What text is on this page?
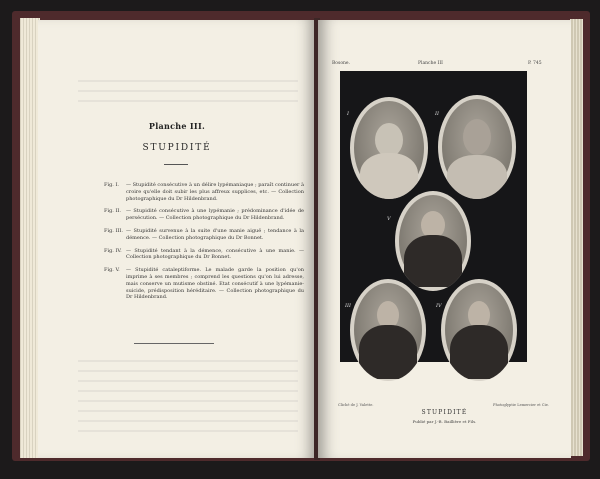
Planche III.
STUPIDITÉ
Fig. I.	— Stupidité consécutive à un délire lypémaniaque ; paraît continuer à croire qu'elle doit subir les plus affreux supplices, etc. — Collection photographique du Dr Hildenbrand.
Fig. II.	— Stupidité consécutive à une lypémanie ; prédominance d'idée de persécution. — Collection photographique du Dr Hildenbrand.
Fig. III. — Stupidité survenue à la suite d'une manie aiguë ; tendance à la démence. — Collection photographique du Dr Bonnet.
Fig. IV. — Stupidité tendant à la démence, consécutive à une manie. — Collection photographique du Dr Bonnet.
Fig. V.	— Stupidité cataleptiforme. Le malade garde la position qu'on imprime à ses membres ; comprend les questions qu'on lui adresse, mais conserve un mutisme obstiné. Etat consécutif à une lypémanie-suicide, prédisposition héréditaire. — Collection photographique du Dr Hildenbrand.
Bosone.	Planche III	P. 745
I	II
V
III	IV
Cliché de J. Valette.	Photoglyptie Lemercier et Cie.
STUPIDITÉ
Publié par J.-B. Baillière et Fils.
